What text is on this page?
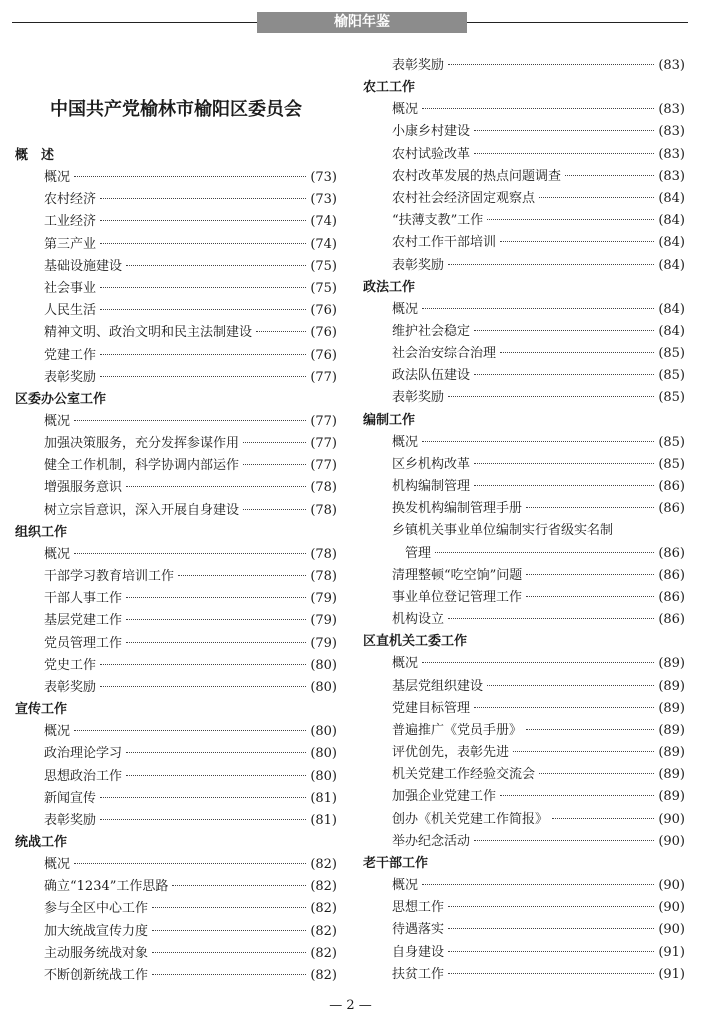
榆阳年鉴
中国共产党榆林市榆阳区委员会
概　述
概况	(73)
农村经济	(73)
工业经济	(74)
第三产业	(74)
基础设施建设	(75)
社会事业	(75)
人民生活	(76)
精神文明、政治文明和民主法制建设	(76)
党建工作	(76)
表彰奖励	(77)
区委办公室工作
概况	(77)
加强决策服务，充分发挥参谋作用	(77)
健全工作机制，科学协调内部运作	(77)
增强服务意识	(78)
树立宗旨意识，深入开展自身建设	(78)
组织工作
概况	(78)
干部学习教育培训工作	(78)
干部人事工作	(79)
基层党建工作	(79)
党员管理工作	(79)
党史工作	(80)
表彰奖励	(80)
宣传工作
概况	(80)
政治理论学习	(80)
思想政治工作	(80)
新闻宣传	(81)
表彰奖励	(81)
统战工作
概况	(82)
确立“1234”工作思路	(82)
参与全区中心工作	(82)
加大统战宣传力度	(82)
主动服务统战对象	(82)
不断创新统战工作	(82)
表彰奖励	(83)
农工工作
概况	(83)
小康乡村建设	(83)
农村试验改革	(83)
农村改革发展的热点问题调查	(83)
农村社会经济固定观察点	(84)
“扶薄支教”工作	(84)
农村工作干部培训	(84)
表彰奖励	(84)
政法工作
概况	(84)
维护社会稳定	(84)
社会治安综合治理	(85)
政法队伍建设	(85)
表彰奖励	(85)
编制工作
概况	(85)
区乡机构改革	(85)
机构编制管理	(86)
换发机构编制管理手册	(86)
乡镇机关事业单位编制实行省级实名制
管理	(86)
清理整顿“吃空饷”问题	(86)
事业单位登记管理工作	(86)
机构设立	(86)
区直机关工委工作
概况	(89)
基层党组织建设	(89)
党建目标管理	(89)
普遍推广《党员手册》	(89)
评优创先，表彰先进	(89)
机关党建工作经验交流会	(89)
加强企业党建工作	(89)
创办《机关党建工作简报》	(90)
举办纪念活动	(90)
老干部工作
概况	(90)
思想工作	(90)
待遇落实	(90)
自身建设	(91)
扶贫工作	(91)
— 2 —
